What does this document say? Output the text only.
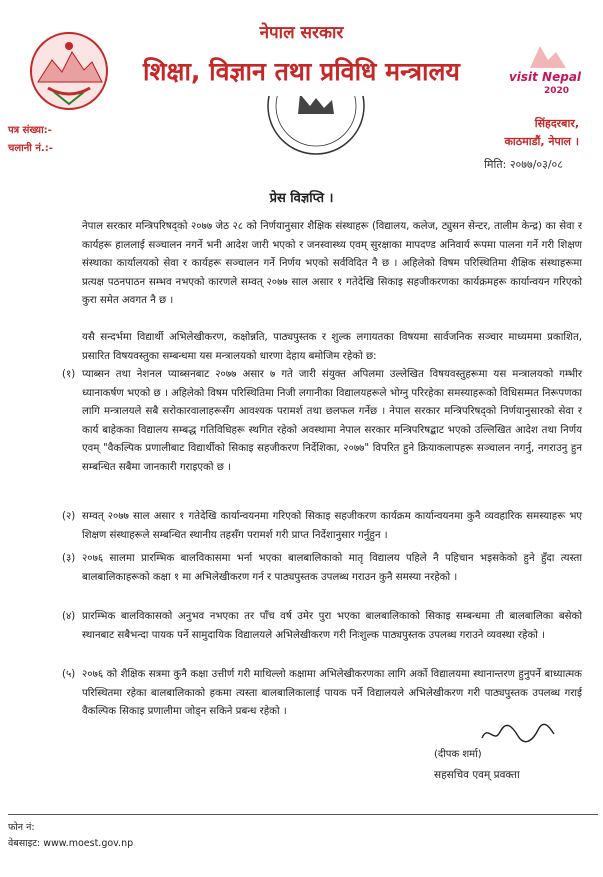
नेपाल सरकार
शिक्षा, विज्ञान तथा प्रविधि मन्त्रालय	visit Nepal
2020
पत्र संख्या:-
चलानी नं.:-
सिंहदरबार,
काठमाडौं, नेपाल ।
मिति: २०७७/०३/०८
प्रेस विज्ञप्ति ।
नेपाल सरकार मन्त्रिपरिषद्को २०७७ जेठ २८ को निर्णयानुसार शैक्षिक संस्थाहरू (विद्यालय, कलेज, ट्युसन सेन्टर, तालीम केन्द्र) का सेवा र कार्यहरू हाललाई सञ्चालन नगर्ने भनी आदेश जारी भएको र जनस्वास्थ्य एवम् सुरक्षाका मापदण्ड अनिवार्य रूपमा पालना गर्ने गरी शिक्षण संस्थाका कार्यालयको सेवा र कार्यहरू सञ्चालन गर्ने निर्णय भएको सर्वविदित नै छ । अहिलेको विषम परिस्थितिमा शैक्षिक संस्थाहरूमा प्रत्यक्ष पठनपाठन सम्भव नभएको कारणले सम्वत् २०७७ साल असार १ गतेदेखि सिकाइ सहजीकरणका कार्यक्रमहरू कार्यान्वयन गरिएको कुरा समेत अवगत नै छ ।
यसै सन्दर्भमा विद्यार्थी अभिलेखीकरण, कक्षोन्नति, पाठ्यपुस्तक र शुल्क लगायतका विषयमा सार्वजनिक सञ्चार माध्यममा प्रकाशित, प्रसारित विषयवस्तुका सम्बन्धमा यस मन्त्रालयको धारणा देहाय बमोजिम रहेको छ:
(१) प्याब्सन तथा नेशनल प्याब्सनबाट २०७७ असार ७ गते जारी संयुक्त अपिलमा उल्लेखित विषयवस्तुहरूमा यस मन्त्रालयको गम्भीर ध्यानाकर्षण भएको छ । अहिलेको विषम परिस्थितिमा निजी लगानीका विद्यालयहरूले भोग्नु परिरहेका समस्याहरूको विधिसम्मत निरूपणका लागि मन्त्रालयले सबै सरोकारवालाहरूसँग आवश्यक परामर्श तथा छलफल गर्नेछ । नेपाल सरकार मन्त्रिपरिषद्को निर्णयानुसारको सेवा र कार्य बाहेकका विद्यालय सम्बद्ध गतिविधिहरू स्थगित रहेको अवस्थामा नेपाल सरकार मन्त्रिपरिषद्बाट भएको उल्लिखित आदेश तथा निर्णय एवम् "वैकल्पिक प्रणालीबाट विद्यार्थीको सिकाइ सहजीकरण निर्देशिका, २०७७" विपरित हुने क्रियाकलापहरू सञ्चालन नगर्नु, नगराउनु हुन सम्बन्धित सबैमा जानकारी गराइएको छ ।
(२) सम्वत् २०७७ साल असार १ गतेदेखि कार्यान्वयनमा गरिएको सिकाइ सहजीकरण कार्यक्रम कार्यान्वयनमा कुनै व्यवहारिक समस्याहरू भए शिक्षण संस्थाहरूले सम्बन्धित स्थानीय तहसँग परामर्श गरी प्राप्त निर्देशानुसार गर्नुहुन ।
(३) २०७६ सालमा प्रारम्भिक बालविकासमा भर्ना भएका बालबालिकाको मातृ विद्यालय पहिले नै पहिचान भइसकेको हुने हुँदा त्यस्ता बालबालिकाहरूको कक्षा १ मा अभिलेखीकरण गर्न र पाठ्यपुस्तक उपलब्ध गराउन कुनै समस्या नरहेको ।
(४) प्रारम्भिक बालविकासको अनुभव नभएका तर पाँच वर्ष उमेर पुरा भएका बालबालिकाको सिकाइ सम्बन्धमा ती बालबालिका बसेको स्थानबाट सबैभन्दा पायक पर्ने सामुदायिक विद्यालयले अभिलेखीकरण गरी निःशुल्क पाठ्यपुस्तक उपलब्ध गराउने व्यवस्था रहेको ।
(५) २०७६ को शैक्षिक सत्रमा कुनै कक्षा उत्तीर्ण गरी माथिल्लो कक्षामा अभिलेखीकरणका लागि अर्को विद्यालयमा स्थानान्तरण हुनुपर्ने बाध्यात्मक परिस्थितमा रहेका बालबालिकाको हकमा त्यस्ता बालबालिकालाई पायक पर्ने विद्यालयले अभिलेखीकरण गरी पाठ्यपुस्तक उपलब्ध गराई वैकल्पिक सिकाइ प्रणालीमा जोड्न सकिने प्रबन्ध रहेको ।
(दीपक शर्मा)
सहसचिव एवम् प्रवक्ता
फोन नं:
वेबसाइट: www.moest.gov.np
